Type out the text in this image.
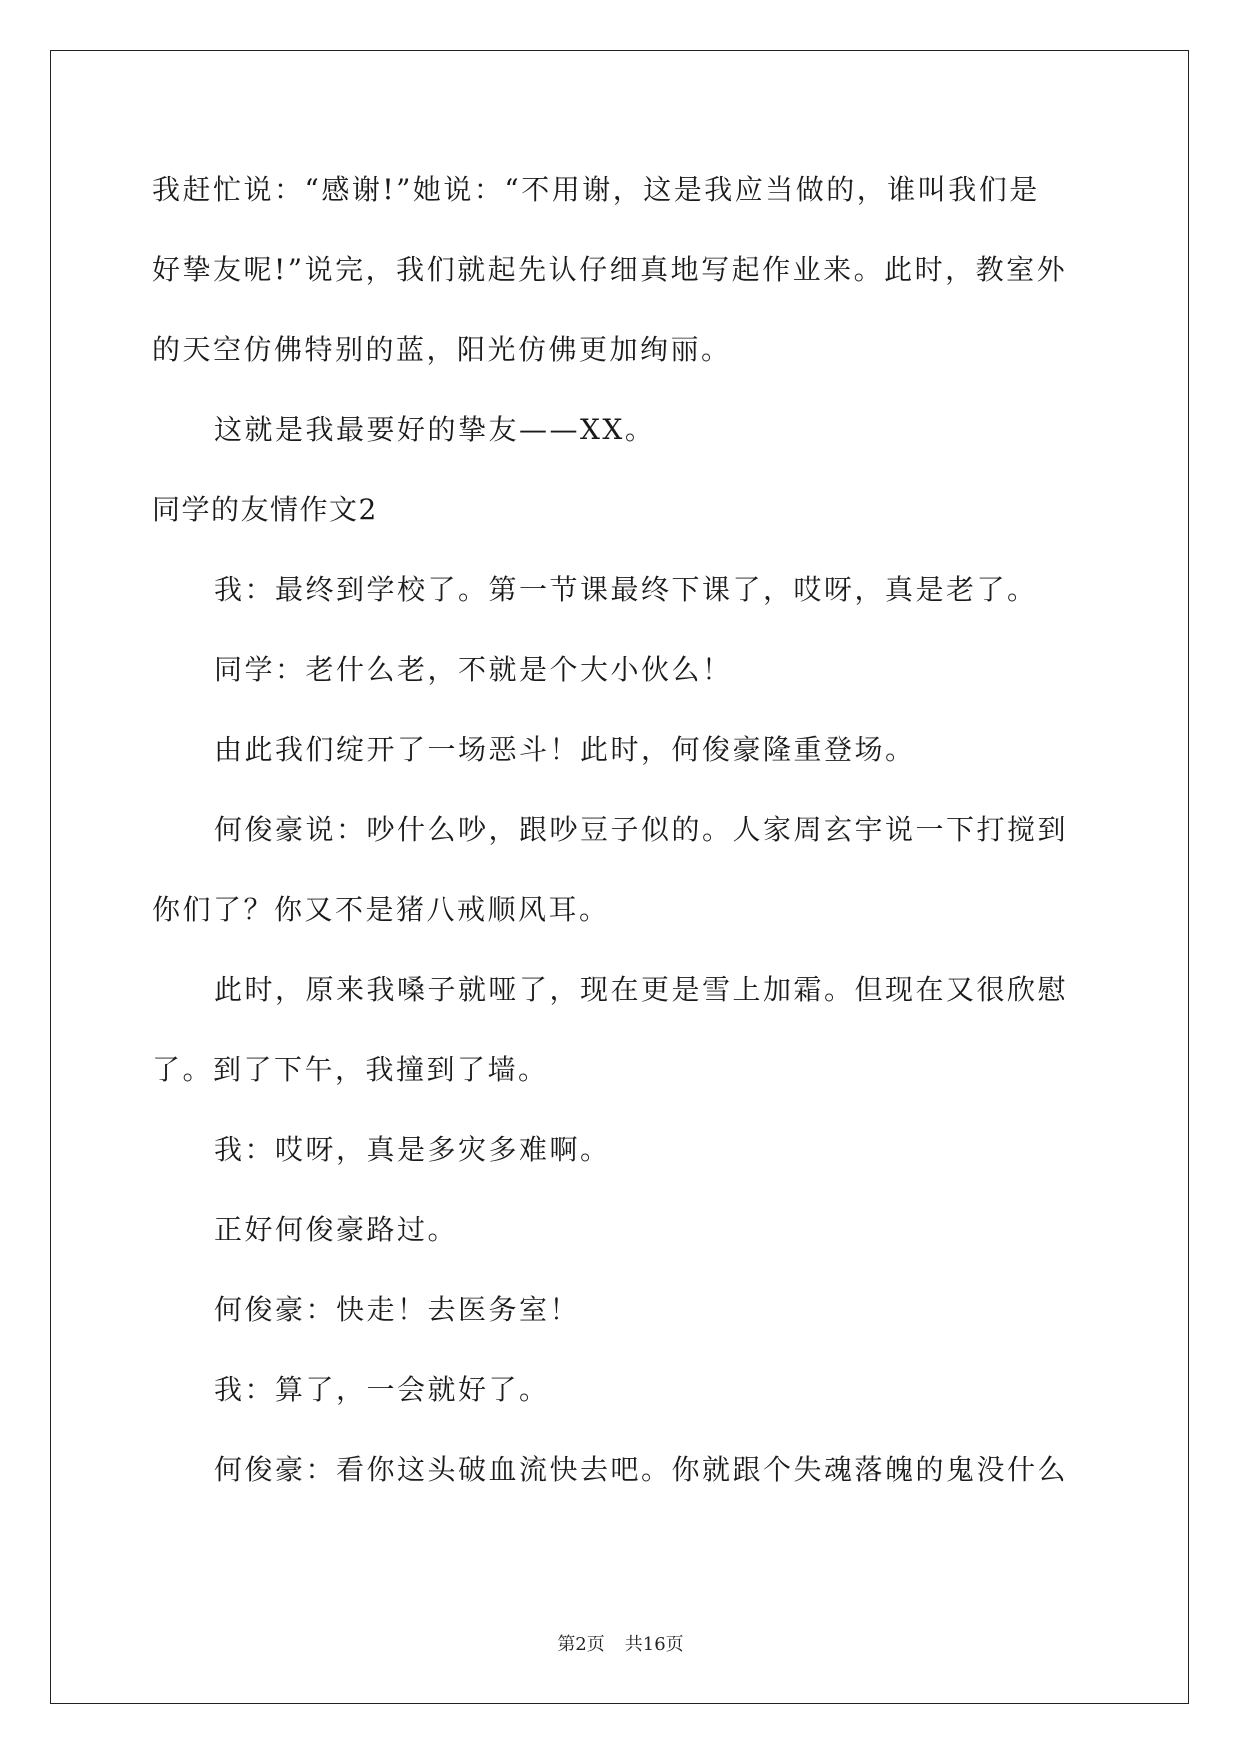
我赶忙说：“感谢!”她说：“不用谢，这是我应当做的，谁叫我们是
好挚友呢!”说完，我们就起先认仔细真地写起作业来。此时，教室外
的天空仿佛特别的蓝，阳光仿佛更加绚丽。
这就是我最要好的挚友——XX。
同学的友情作文2
我：最终到学校了。第一节课最终下课了，哎呀，真是老了。
同学：老什么老，不就是个大小伙么！
由此我们绽开了一场恶斗！此时，何俊豪隆重登场。
何俊豪说：吵什么吵，跟吵豆子似的。人家周玄宇说一下打搅到
你们了？你又不是猪八戒顺风耳。
此时，原来我嗓子就哑了，现在更是雪上加霜。但现在又很欣慰
了。到了下午，我撞到了墙。
我：哎呀，真是多灾多难啊。
正好何俊豪路过。
何俊豪：快走！去医务室！
我：算了，一会就好了。
何俊豪：看你这头破血流快去吧。你就跟个失魂落魄的鬼没什么
第2页 共16页
